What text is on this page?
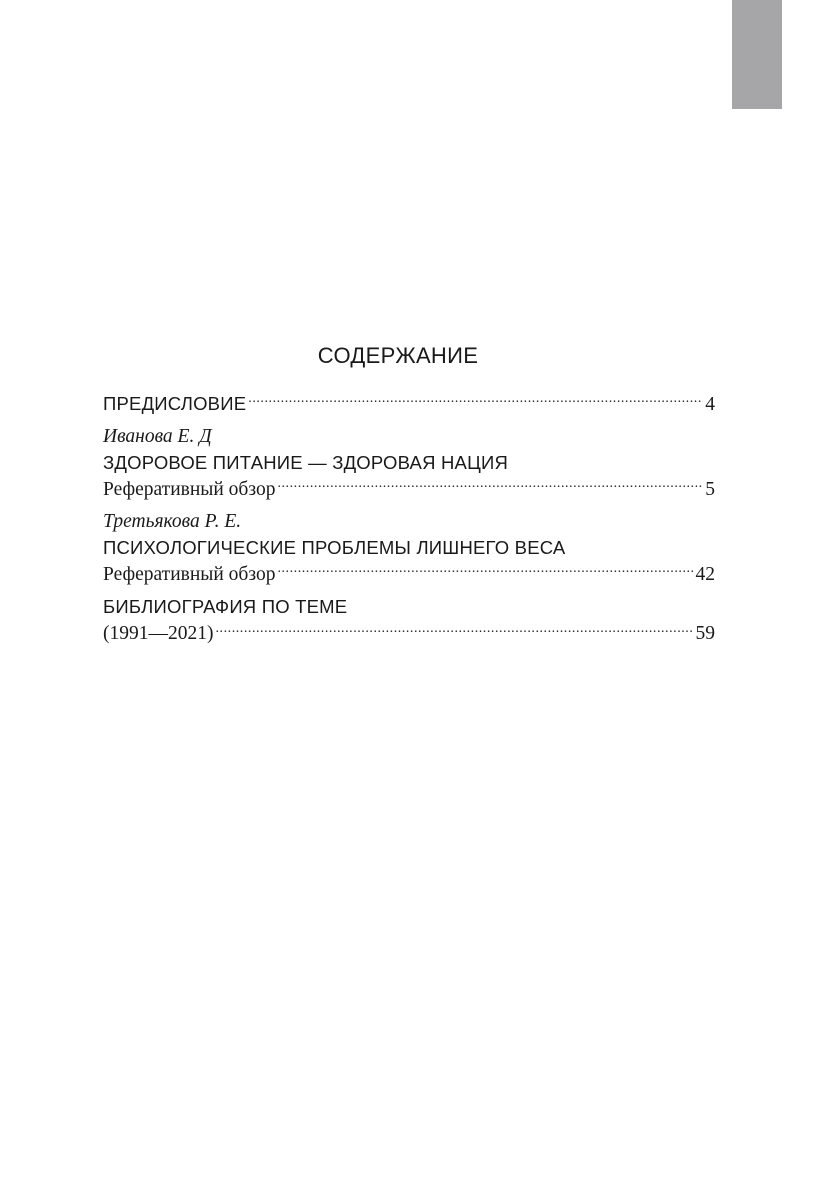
СОДЕРЖАНИЕ
ПРЕДИСЛОВИЕ .....	4
Иванова Е. Д
ЗДОРОВОЕ ПИТАНИЕ — ЗДОРОВАЯ НАЦИЯ
Реферативный обзор .....	5
Третьякова Р. Е.
ПСИХОЛОГИЧЕСКИЕ ПРОБЛЕМЫ ЛИШНЕГО ВЕСА
Реферативный обзор .....	42
БИБЛИОГРАФИЯ ПО ТЕМЕ
(1991—2021) .....	59
